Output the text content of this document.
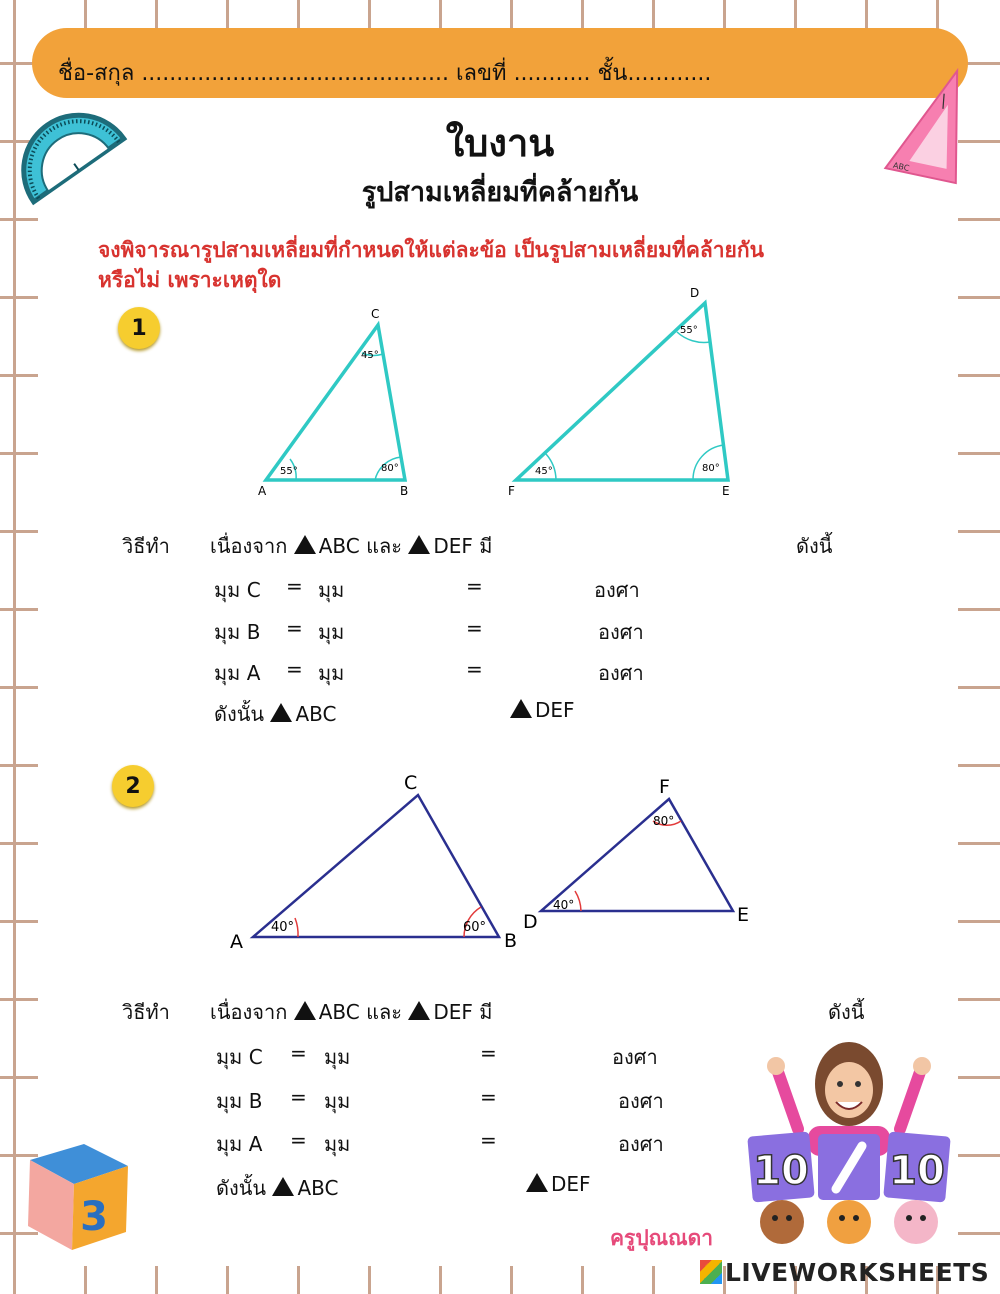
ชื่อ-สกุล ............................................ เลขที่ ........... ชั้น............
ABC
ใบงาน
รูปสามเหลี่ยมที่คล้ายกัน
จงพิจารณารูปสามเหลี่ยมที่กำหนดให้แต่ละข้อ เป็นรูปสามเหลี่ยมที่คล้ายกัน
หรือไม่ เพราะเหตุใด
1
55°	80°
45°
A	B
C
45°	80°
55°
F	E
D
วิธีทำ เนื่องจาก ABC และ DEF มี	ดังนี้
มุม C = มุม	=	องศา
มุม B = มุม	=	องศา
มุม A = มุม	=	องศา
ดังนั้น ABC	DEF
2
40°	60°
A	B
C
40°
80°
D	E
F
วิธีทำ เนื่องจาก ABC และ DEF มี	ดังนี้
มุม C = มุม	=	องศา
มุม B = มุม	=	องศา
มุม A = มุม	=	องศา
ดังนั้น ABC	DEF
3
10 10
ครูปุณณดา
LIVEWORKSHEETS
